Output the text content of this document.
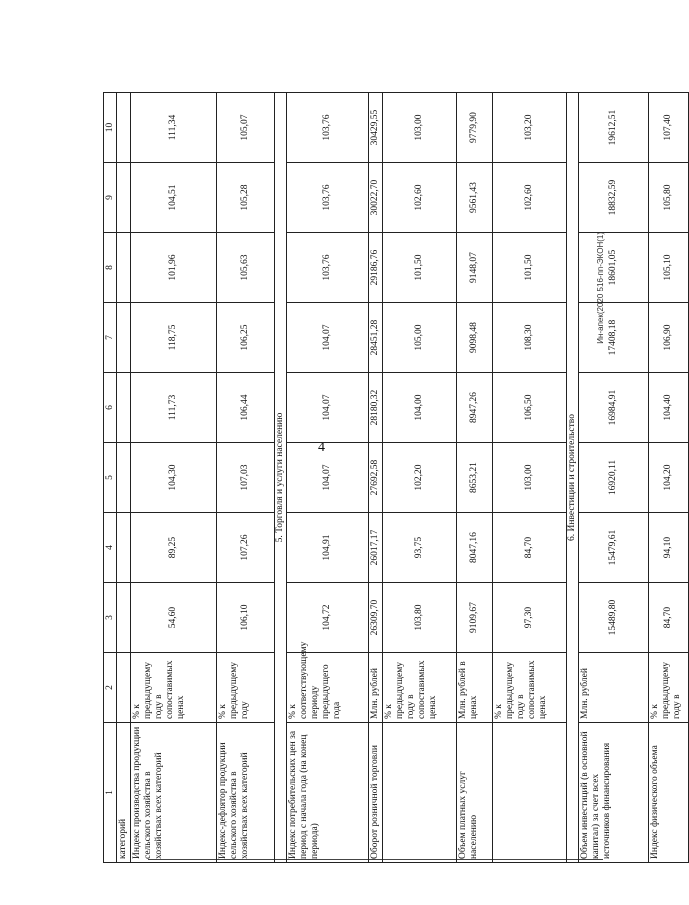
4
Ин-апек(2020 516-пп-ЭКОН(1)
1	2	3	4	5	6	7	8	9	10
категорий									
Индекс производства продукции сельского хозяйства в хозяйствах всех категорий	% к предыдущему году в сопоставимых ценах	54,60	89,25	104,30	111,73	118,75	101,96	104,51	111,34
Индекс-дефлятор продукции сельского хозяйства в хозяйствах всех категорий	% к предыдущему году	106,10	107,26	107,03	106,44	106,25	105,63	105,28	105,07
5. Торговля и услуги населению									
Индекс потребительских цен за период с начала года (на конец периода)	% к соответствующему периоду предыдущего года	104,72	104,91	104,07	104,07	104,07	103,76	103,76	103,76
Оборот розничной торговли	Млн. рублей	26309,70	26017,17	27692,58	28180,32	28451,28	29186,76	30022,70	30429,55
	% к предыдущему году в сопоставимых ценах	103,80	93,75	102,20	104,00	105,00	101,50	102,60	103,00
Объем платных услуг населению	Млн. рублей в ценах	9109,67	8047,16	8653,21	8947,26	9098,48	9148,07	9561,43	9779,90
	% к предыдущему году в сопоставимых ценах	97,30	84,70	103,00	106,50	108,30	101,50	102,60	103,20
6. Инвестиции и строительство									
Объем инвестиций (в основной капитал) за счет всех источников финансирования	Млн. рублей	15489,80	15479,61	16920,11	16984,91	17408,18	18601,05	18832,59	19612,51
Индекс физического объема	% к предыдущему году в	84,70	94,10	104,20	104,40	106,90	105,10	105,80	107,40
